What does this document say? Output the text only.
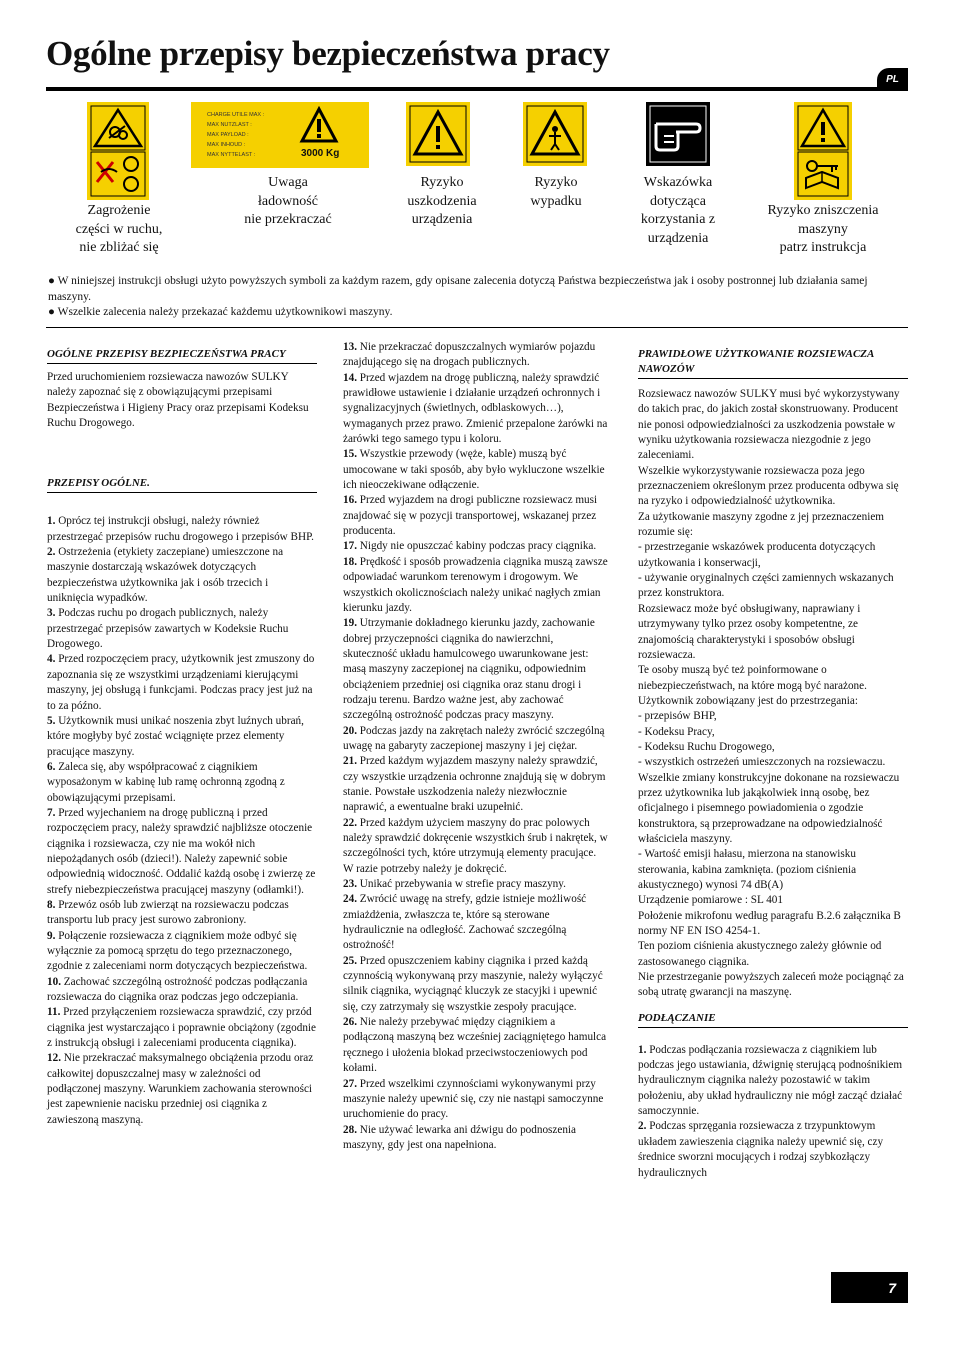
Ogólne przepisy bezpieczeństwa pracy
PL
Zagrożenie
części w ruchu,
nie zbliżać się
CHARGE UTILE MAX :
MAX NUTZLAST :
MAX PAYLOAD :
MAX INHOUD :
MAX NYTTELAST :	3000 Kg
Uwaga
ładowność
nie przekraczać
Ryzyko
uszkodzenia
urządzenia
Ryzyko
wypadku
Wskazówka
dotycząca
korzystania z
urządzenia
Ryzyko zniszczenia
maszyny
patrz instrukcja

● W niniejszej instrukcji obsługi użyto powyższych symboli za każdym razem, gdy opisane zalecenia dotyczą Państwa bezpieczeństwa jak i osoby postronnej lub działania samej maszyny.

● Wszelkie zalecenia należy przekazać każdemu użytkownikowi maszyny.

OGÓLNE PRZEPISY BEZPIECZEŃSTWA PRACY

Przed uruchomieniem rozsiewacza nawozów SULKY należy zapoznać się z obowiązującymi przepisami Bezpieczeństwa i Higieny Pracy oraz przepisami Kodeksu Ruchu Drogowego.

PRZEPISY OGÓLNE.

1. Oprócz tej instrukcji obsługi, należy również przestrzegać przepisów ruchu drogowego i przepisów BHP.

2. Ostrzeżenia (etykiety zaczepiane) umieszczone na maszynie dostarczają wskazówek dotyczących bezpieczeństwa użytkownika jak i osób trzecich i uniknięcia wypadków.

3. Podczas ruchu po drogach publicznych, należy przestrzegać przepisów zawartych w Kodeksie Ruchu Drogowego.

4. Przed rozpoczęciem pracy, użytkownik jest zmuszony do zapoznania się ze wszystkimi urządzeniami kierującymi maszyny, jej obsługą i funkcjami. Podczas pracy jest już na to za późno.

5. Użytkownik musi unikać noszenia zbyt luźnych ubrań, które mogłyby być zostać wciągnięte przez elementy pracujące maszyny.

6. Zaleca się, aby współpracować z ciągnikiem wyposażonym w kabinę lub ramę ochronną zgodną z obowiązującymi przepisami.

7. Przed wyjechaniem na drogę publiczną i przed rozpoczęciem pracy, należy sprawdzić najbliższe otoczenie ciągnika i rozsiewacza, czy nie ma wokół nich niepożądanych osób (dzieci!). Należy zapewnić sobie odpowiednią widoczność. Oddalić każdą osobę i zwierzę ze strefy niebezpieczeństwa pracującej maszyny (odłamki!).

8. Przewóz osób lub zwierząt na rozsiewaczu podczas transportu lub pracy jest surowo zabroniony.

9. Połączenie rozsiewacza z ciągnikiem może odbyć się wyłącznie za pomocą sprzętu do tego przeznaczonego, zgodnie z zaleceniami norm dotyczących bezpieczeństwa.

10. Zachować szczególną ostrożność podczas podłączania rozsiewacza do ciągnika oraz podczas jego odczepiania.

11. Przed przyłączeniem rozsiewacza sprawdzić, czy przód ciągnika jest wystarczająco i poprawnie obciążony (zgodnie z instrukcją obsługi i zaleceniami producenta ciągnika).

12. Nie przekraczać maksymalnego obciążenia przodu oraz całkowitej dopuszczalnej masy w zależności od podłączonej maszyny. Warunkiem zachowania sterowności jest zapewnienie nacisku przedniej osi ciągnika z zawieszoną maszyną.

13. Nie przekraczać dopuszczalnych wymiarów pojazdu znajdującego się na drogach publicznych.

14. Przed wjazdem na drogę publiczną, należy sprawdzić prawidłowe ustawienie i działanie urządzeń ochronnych i sygnalizacyjnych (świetlnych, odblaskowych…), wymaganych przez prawo. Zmienić przepalone żarówki na żarówki tego samego typu i koloru.

15. Wszystkie przewody (węże, kable) muszą być umocowane w taki sposób, aby było wykluczone wszelkie ich nieoczekiwane odłączenie.

16. Przed wyjazdem na drogi publiczne rozsiewacz musi znajdować się w pozycji transportowej, wskazanej przez producenta.

17. Nigdy nie opuszczać kabiny podczas pracy ciągnika.

18. Prędkość i sposób prowadzenia ciągnika muszą zawsze odpowiadać warunkom terenowym i drogowym. We wszystkich okolicznościach należy unikać nagłych zmian kierunku jazdy.

19. Utrzymanie dokładnego kierunku jazdy, zachowanie dobrej przyczepności ciągnika do nawierzchni, skuteczność układu hamulcowego uwarunkowane jest: masą maszyny zaczepionej na ciągniku, odpowiednim obciążeniem przedniej osi ciągnika oraz stanu drogi i rodzaju terenu. Bardzo ważne jest, aby zachować szczególną ostrożność podczas pracy maszyny.

20. Podczas jazdy na zakrętach należy zwrócić szczególną uwagę na gabaryty zaczepionej maszyny i jej ciężar.

21. Przed każdym wyjazdem maszyny należy sprawdzić, czy wszystkie urządzenia ochronne znajdują się w dobrym stanie. Powstałe uszkodzenia należy niezwłocznie naprawić, a ewentualne braki uzupełnić.

22. Przed każdym użyciem maszyny do prac polowych należy sprawdzić dokręcenie wszystkich śrub i nakrętek, w szczególności tych, które utrzymują elementy pracujące. W razie potrzeby należy je dokręcić.

23. Unikać przebywania w strefie pracy maszyny.

24. Zwrócić uwagę na strefy, gdzie istnieje możliwość zmiażdżenia, zwłaszcza te, które są sterowane hydraulicznie na odległość. Zachować szczególną ostrożność!

25. Przed opuszczeniem kabiny ciągnika i przed każdą czynnością wykonywaną przy maszynie, należy wyłączyć silnik ciągnika, wyciągnąć kluczyk ze stacyjki i upewnić się, czy zatrzymały się wszystkie zespoły pracujące.

26. Nie należy przebywać między ciągnikiem a podłączoną maszyną bez wcześniej zaciągniętego hamulca ręcznego i ułożenia blokad przeciwstoczeniowych pod kołami.

27. Przed wszelkimi czynnościami wykonywanymi przy maszynie należy upewnić się, czy nie nastąpi samoczynne uruchomienie do pracy.

28. Nie używać lewarka ani dźwigu do podnoszenia maszyny, gdy jest ona napełniona.

PRAWIDŁOWE UŻYTKOWANIE ROZSIEWACZA NAWOZÓW

Rozsiewacz nawozów SULKY musi być wykorzystywany do takich prac, do jakich został skonstruowany. Producent nie ponosi odpowiedzialności za uszkodzenia powstałe w wyniku użytkowania rozsiewacza niezgodnie z jego zaleceniami.

Wszelkie wykorzystywanie rozsiewacza poza jego przeznaczeniem określonym przez producenta odbywa się na ryzyko i odpowiedzialność użytkownika.

Za użytkowanie maszyny zgodne z jej przeznaczeniem rozumie się:

- przestrzeganie wskazówek producenta dotyczących użytkowania i konserwacji,

- używanie oryginalnych części zamiennych wskazanych przez konstruktora.

Rozsiewacz może być obsługiwany, naprawiany i utrzymywany tylko przez osoby kompetentne, ze znajomością charakterystyki i sposobów obsługi rozsiewacza.

Te osoby muszą być też poinformowane o niebezpieczeństwach, na które mogą być narażone.

Użytkownik zobowiązany jest do przestrzegania:

- przepisów BHP,

- Kodeksu Pracy,

- Kodeksu Ruchu Drogowego,

- wszystkich ostrzeżeń umieszczonych na rozsiewaczu.

Wszelkie zmiany konstrukcyjne dokonane na rozsiewaczu przez użytkownika lub jakąkolwiek inną osobę, bez oficjalnego i pisemnego powiadomienia o zgodzie konstruktora, są przeprowadzane na odpowiedzialność właściciela maszyny.

- Wartość emisji hałasu, mierzona na stanowisku sterowania, kabina zamknięta. (poziom ciśnienia akustycznego) wynosi 74 dB(A)

Urządzenie pomiarowe : SL 401

Położenie mikrofonu według paragrafu B.2.6 załącznika B normy NF EN ISO 4254-1.

Ten poziom ciśnienia akustycznego zależy głównie od zastosowanego ciągnika.

Nie przestrzeganie powyższych zaleceń może pociągnąć za sobą utratę gwarancji na maszynę.

PODŁĄCZANIE

1. Podczas podłączania rozsiewacza z ciągnikiem lub podczas jego ustawiania, dźwignię sterującą podnośnikiem hydraulicznym ciągnika należy pozostawić w takim położeniu, aby układ hydrauliczny nie mógł zacząć działać samoczynnie.

2. Podczas sprzęgania rozsiewacza z trzypunktowym układem zawieszenia ciągnika należy upewnić się, czy średnice sworzni mocujących i rodzaj szybkozłączy hydraulicznych

7
